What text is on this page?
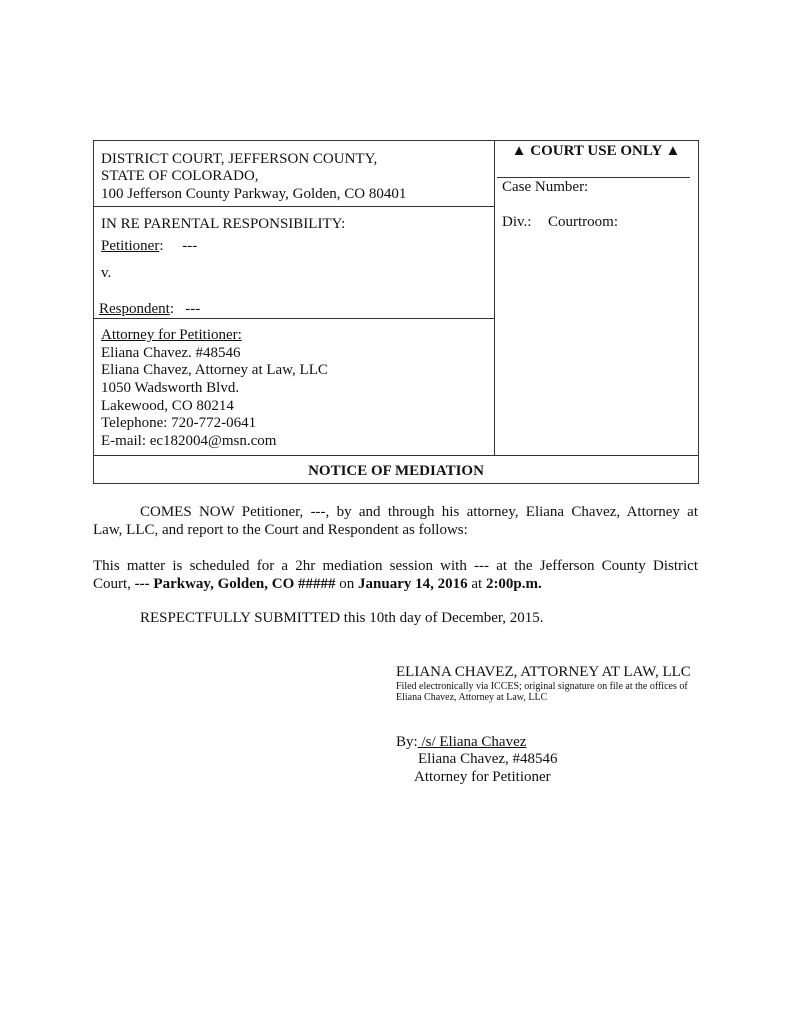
DISTRICT COURT, JEFFERSON COUNTY,
STATE OF COLORADO,
100 Jefferson County Parkway, Golden, CO 80401
▲ COURT USE ONLY ▲
Case Number:
Div.: Courtroom:
IN RE PARENTAL RESPONSIBILITY:
Petitioner:     ---
v.
Respondent:   ---
Attorney for Petitioner:
Eliana Chavez. #48546
Eliana Chavez, Attorney at Law, LLC
1050 Wadsworth Blvd.
Lakewood, CO 80214
Telephone: 720-772-0641
E-mail: ec182004@msn.com
NOTICE OF MEDIATION
COMES NOW Petitioner, ---, by and through his attorney, Eliana Chavez, Attorney at
Law, LLC, and report to the Court and Respondent as follows:
This matter is scheduled for a 2hr mediation session with --- at the Jefferson County District
Court, --- Parkway, Golden, CO ##### on January 14, 2016 at 2:00p.m.
RESPECTFULLY SUBMITTED this 10th day of December, 2015.
ELIANA CHAVEZ, ATTORNEY AT LAW, LLC
Filed electronically via ICCES; original signature on file at the offices of
Eliana Chavez, Attorney at Law, LLC
By: /s/ Eliana Chavez
Eliana Chavez, #48546
Attorney for Petitioner
